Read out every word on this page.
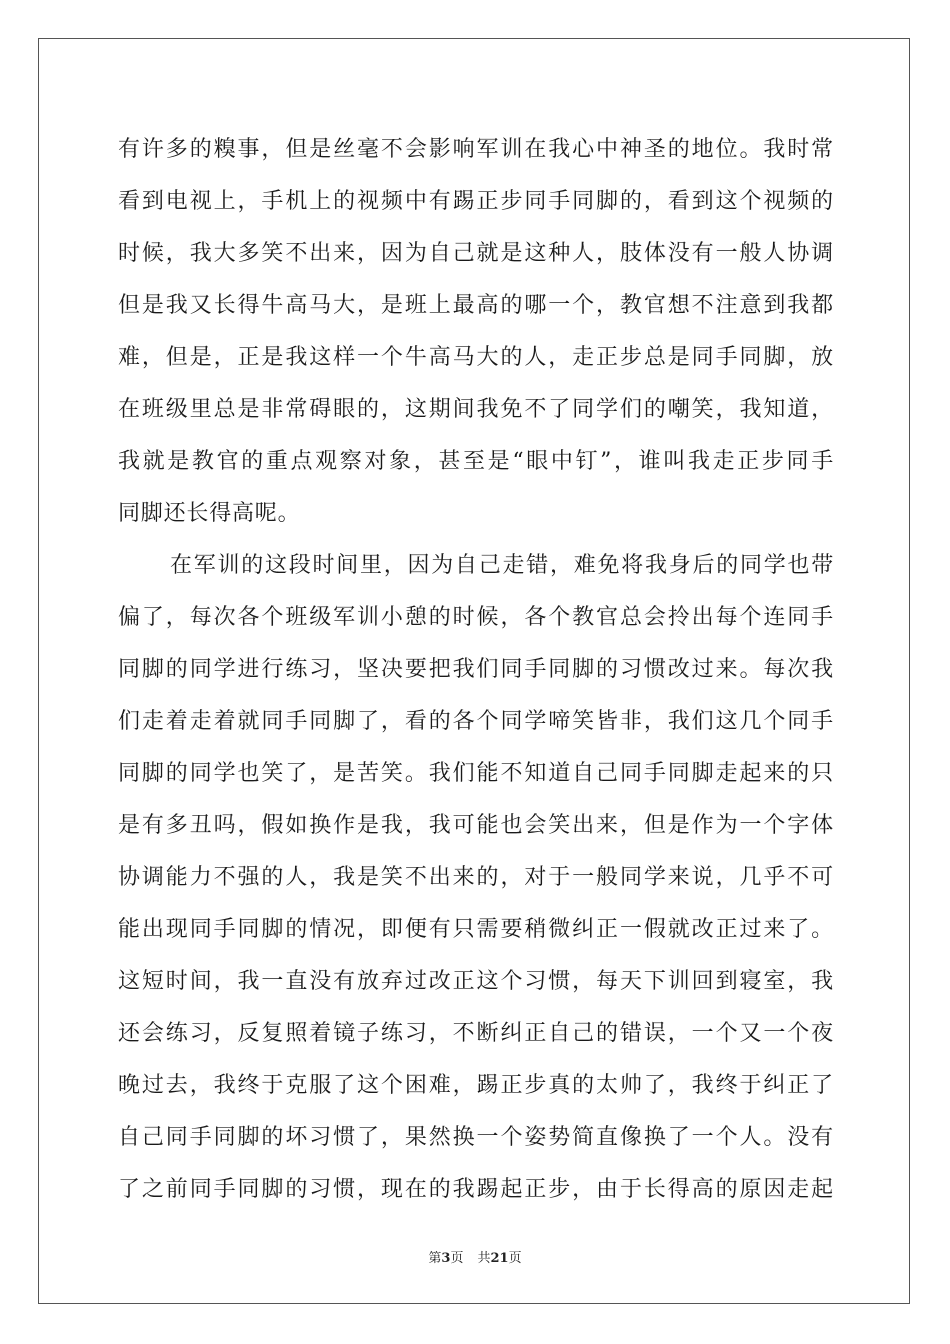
有许多的糗事，但是丝毫不会影响军训在我心中神圣的地位。我时常
看到电视上，手机上的视频中有踢正步同手同脚的，看到这个视频的
时候，我大多笑不出来，因为自己就是这种人，肢体没有一般人协调
但是我又长得牛高马大，是班上最高的哪一个，教官想不注意到我都
难，但是，正是我这样一个牛高马大的人，走正步总是同手同脚，放
在班级里总是非常碍眼的，这期间我免不了同学们的嘲笑，我知道，
我就是教官的重点观察对象，甚至是“眼中钉”，谁叫我走正步同手
同脚还长得高呢。
在军训的这段时间里，因为自己走错，难免将我身后的同学也带
偏了，每次各个班级军训小憩的时候，各个教官总会拎出每个连同手
同脚的同学进行练习，坚决要把我们同手同脚的习惯改过来。每次我
们走着走着就同手同脚了，看的各个同学啼笑皆非，我们这几个同手
同脚的同学也笑了，是苦笑。我们能不知道自己同手同脚走起来的只
是有多丑吗，假如换作是我，我可能也会笑出来，但是作为一个字体
协调能力不强的人，我是笑不出来的，对于一般同学来说，几乎不可
能出现同手同脚的情况，即便有只需要稍微纠正一假就改正过来了。
这短时间，我一直没有放弃过改正这个习惯，每天下训回到寝室，我
还会练习，反复照着镜子练习，不断纠正自己的错误，一个又一个夜
晚过去，我终于克服了这个困难，踢正步真的太帅了，我终于纠正了
自己同手同脚的坏习惯了，果然换一个姿势简直像换了一个人。没有
了之前同手同脚的习惯，现在的我踢起正步，由于长得高的原因走起
第3页 共21页
